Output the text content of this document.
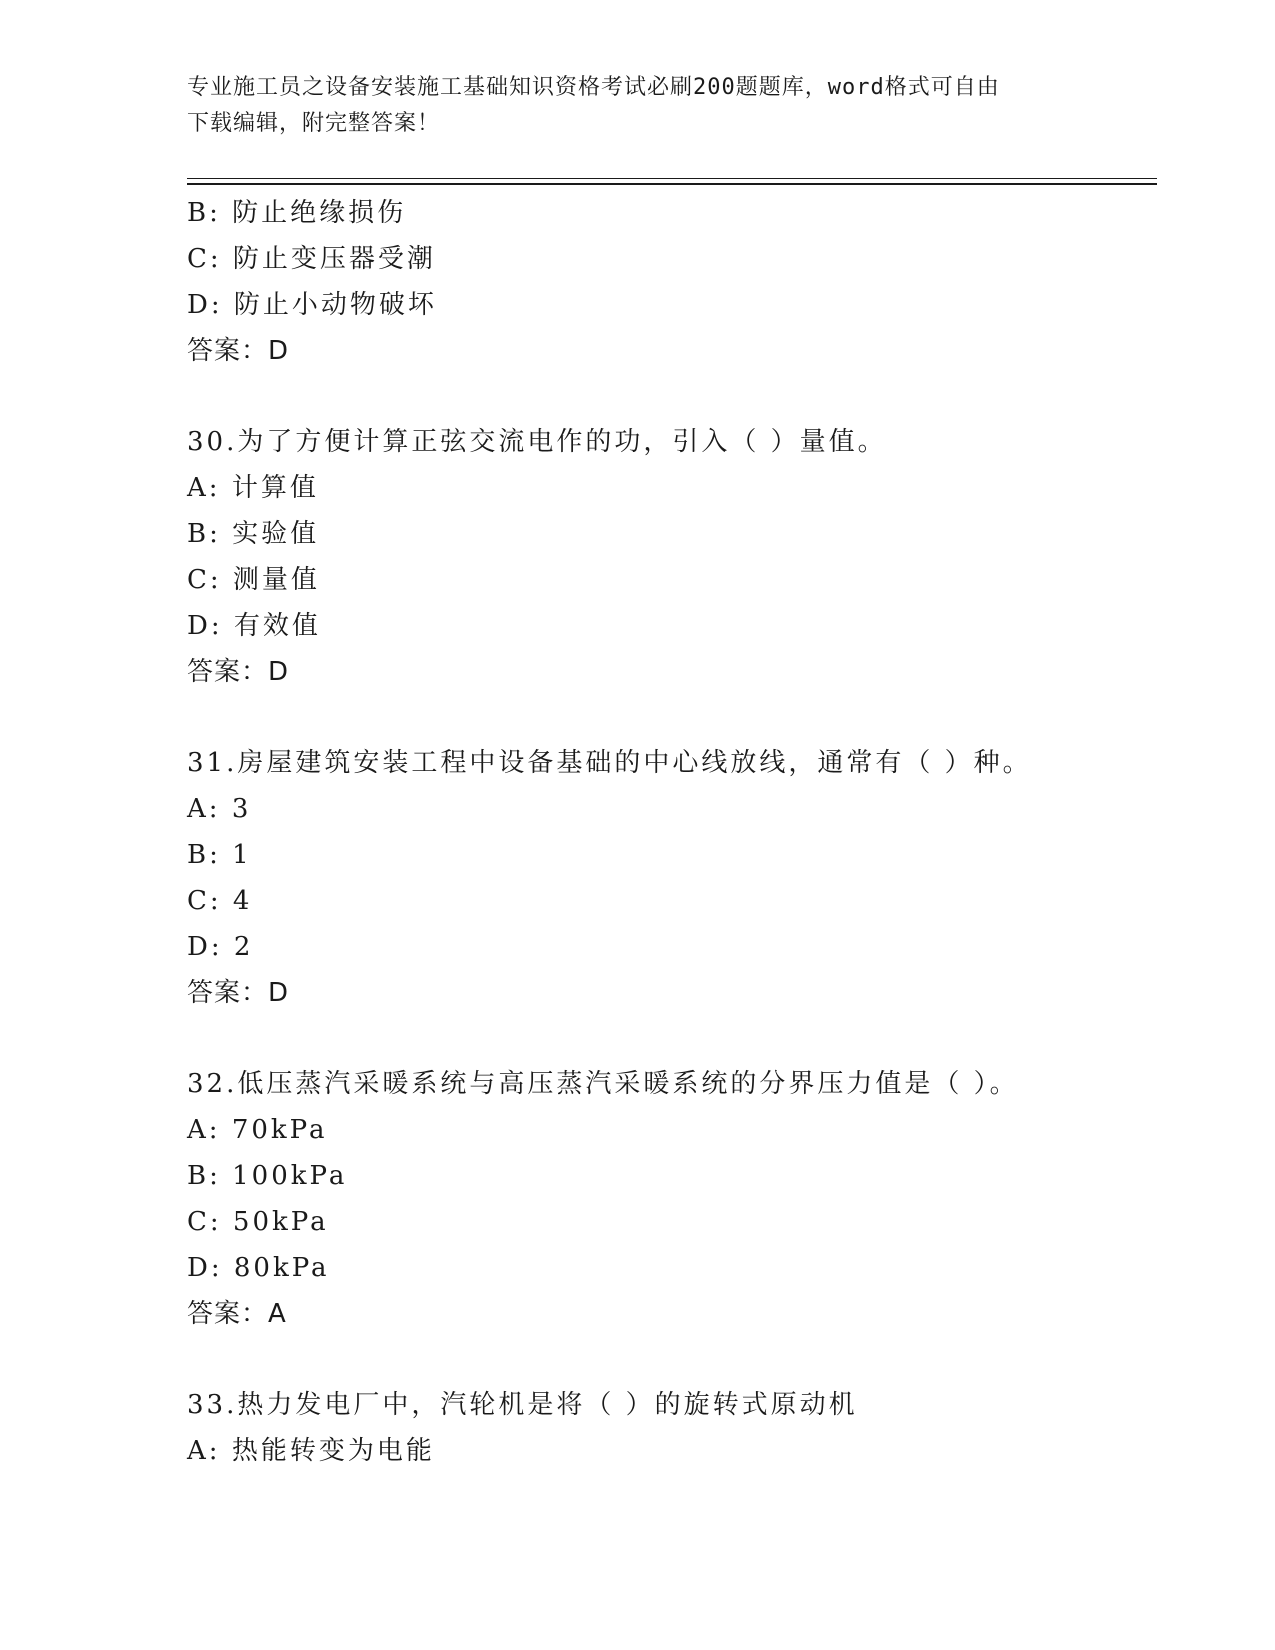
专业施工员之设备安装施工基础知识资格考试必刷200题题库，word格式可自由
下载编辑，附完整答案！
B: 防止绝缘损伤
C: 防止变压器受潮
D: 防止小动物破坏
答案：D
30.为了方便计算正弦交流电作的功，引入（ ）量值。
A: 计算值
B: 实验值
C: 测量值
D: 有效值
答案：D
31.房屋建筑安装工程中设备基础的中心线放线，通常有（ ）种。
A: 3
B: 1
C: 4
D: 2
答案：D
32.低压蒸汽采暖系统与高压蒸汽采暖系统的分界压力值是（ ）。
A: 70kPa
B: 100kPa
C: 50kPa
D: 80kPa
答案：A
33.热力发电厂中，汽轮机是将（ ）的旋转式原动机
A: 热能转变为电能
